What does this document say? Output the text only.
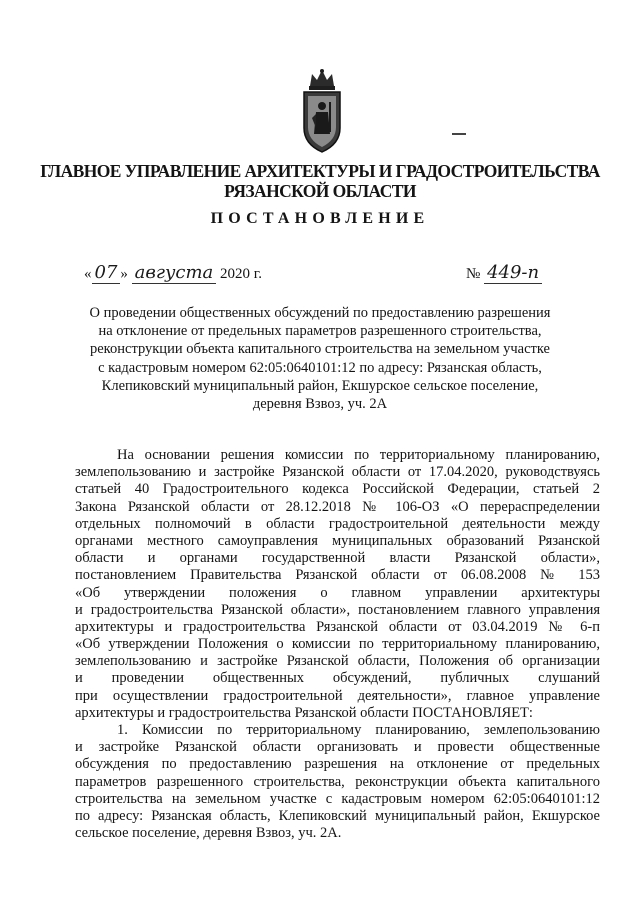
ГЛАВНОЕ УПРАВЛЕНИЕ АРХИТЕКТУРЫ И ГРАДОСТРОИТЕЛЬСТВА
РЯЗАНСКОЙ ОБЛАСТИ
ПОСТАНОВЛЕНИЕ
« 07 » августа 2020 г.	№ 449-п
О проведении общественных обсуждений по предоставлению разрешения
на отклонение от предельных параметров разрешенного строительства,
реконструкции объекта капитального строительства на земельном участке
с кадастровым номером 62:05:0640101:12 по адресу: Рязанская область,
Клепиковский муниципальный район, Екшурское сельское поселение,
деревня Взвоз, уч. 2А
На основании решения комиссии по территориальному планированию,
землепользованию и застройке Рязанской области от 17.04.2020, руководствуясь
статьей 40 Градостроительного кодекса Российской Федерации, статьей 2
Закона Рязанской области от 28.12.2018 № 106-ОЗ «О перераспределении
отдельных полномочий в области градостроительной деятельности между
органами местного самоуправления муниципальных образований Рязанской
области и органами государственной власти Рязанской области»,
постановлением Правительства Рязанской области от 06.08.2008 № 153
«Об утверждении положения о главном управлении архитектуры
и градостроительства Рязанской области», постановлением главного управления
архитектуры и градостроительства Рязанской области от 03.04.2019 № 6-п
«Об утверждении Положения о комиссии по территориальному планированию,
землепользованию и застройке Рязанской области, Положения об организации
и проведении общественных обсуждений, публичных слушаний
при осуществлении градостроительной деятельности», главное управление
архитектуры и градостроительства Рязанской области ПОСТАНОВЛЯЕТ:
1. Комиссии по территориальному планированию, землепользованию
и застройке Рязанской области организовать и провести общественные
обсуждения по предоставлению разрешения на отклонение от предельных
параметров разрешенного строительства, реконструкции объекта капитального
строительства на земельном участке с кадастровым номером 62:05:0640101:12
по адресу: Рязанская область, Клепиковский муниципальный район, Екшурское
сельское поселение, деревня Взвоз, уч. 2А.
